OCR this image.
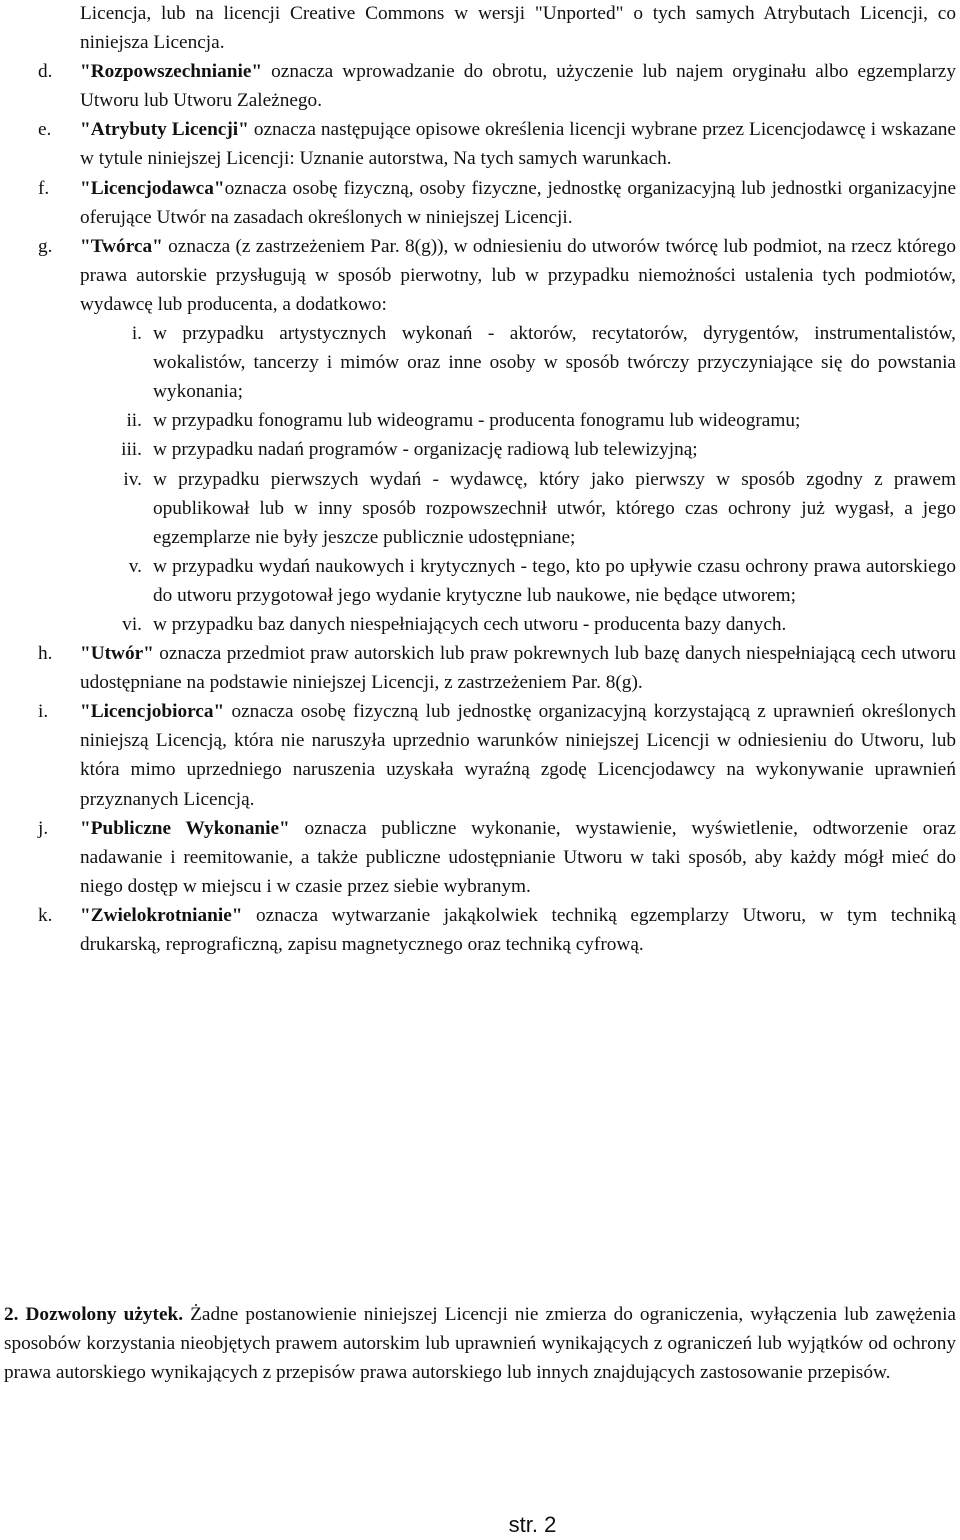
Licencja, lub na licencji Creative Commons w wersji "Unported" o tych samych Atrybutach Licencji, co niniejsza Licencja.
d.	"Rozpowszechnianie" oznacza wprowadzanie do obrotu, użyczenie lub najem oryginału albo egzemplarzy Utworu lub Utworu Zależnego.
e.	"Atrybuty Licencji" oznacza następujące opisowe określenia licencji wybrane przez Licencjodawcę i wskazane w tytule niniejszej Licencji: Uznanie autorstwa, Na tych samych warunkach.
f.	"Licencjodawca"oznacza osobę fizyczną, osoby fizyczne, jednostkę organizacyjną lub jednostki organizacyjne oferujące Utwór na zasadach określonych w niniejszej Licencji.
g.	"Twórca" oznacza (z zastrzeżeniem Par. 8(g)), w odniesieniu do utworów twórcę lub podmiot, na rzecz którego prawa autorskie przysługują w sposób pierwotny, lub w przypadku niemożności ustalenia tych podmiotów, wydawcę lub producenta, a dodatkowo:
i. w przypadku artystycznych wykonań - aktorów, recytatorów, dyrygentów, instrumentalistów, wokalistów, tancerzy i mimów oraz inne osoby w sposób twórczy przyczyniające się do powstania wykonania;
ii. w przypadku fonogramu lub wideogramu - producenta fonogramu lub wideogramu;
iii. w przypadku nadań programów - organizację radiową lub telewizyjną;
iv. w przypadku pierwszych wydań - wydawcę, który jako pierwszy w sposób zgodny z prawem opublikował lub w inny sposób rozpowszechnił utwór, którego czas ochrony już wygasł, a jego egzemplarze nie były jeszcze publicznie udostępniane;
v. w przypadku wydań naukowych i krytycznych - tego, kto po upływie czasu ochrony prawa autorskiego do utworu przygotował jego wydanie krytyczne lub naukowe, nie będące utworem;
vi. w przypadku baz danych niespełniających cech utworu - producenta bazy danych.
h.	"Utwór" oznacza przedmiot praw autorskich lub praw pokrewnych lub bazę danych niespełniającą cech utworu udostępniane na podstawie niniejszej Licencji, z zastrzeżeniem Par. 8(g).
i.	"Licencjobiorca" oznacza osobę fizyczną lub jednostkę organizacyjną korzystającą z uprawnień określonych niniejszą Licencją, która nie naruszyła uprzednio warunków niniejszej Licencji w odniesieniu do Utworu, lub która mimo uprzedniego naruszenia uzyskała wyraźną zgodę Licencjodawcy na wykonywanie uprawnień przyznanych Licencją.
j.	"Publiczne Wykonanie" oznacza publiczne wykonanie, wystawienie, wyświetlenie, odtworzenie oraz nadawanie i reemitowanie, a także publiczne udostępnianie Utworu w taki sposób, aby każdy mógł mieć do niego dostęp w miejscu i w czasie przez siebie wybranym.
k.	"Zwielokrotnianie" oznacza wytwarzanie jakąkolwiek techniką egzemplarzy Utworu, w tym techniką drukarską, reprograficzną, zapisu magnetycznego oraz techniką cyfrową.
2. Dozwolony użytek. Żadne postanowienie niniejszej Licencji nie zmierza do ograniczenia, wyłączenia lub zawężenia sposobów korzystania nieobjętych prawem autorskim lub uprawnień wynikających z ograniczeń lub wyjątków od ochrony prawa autorskiego wynikających z przepisów prawa autorskiego lub innych znajdujących zastosowanie przepisów.
str. 2
